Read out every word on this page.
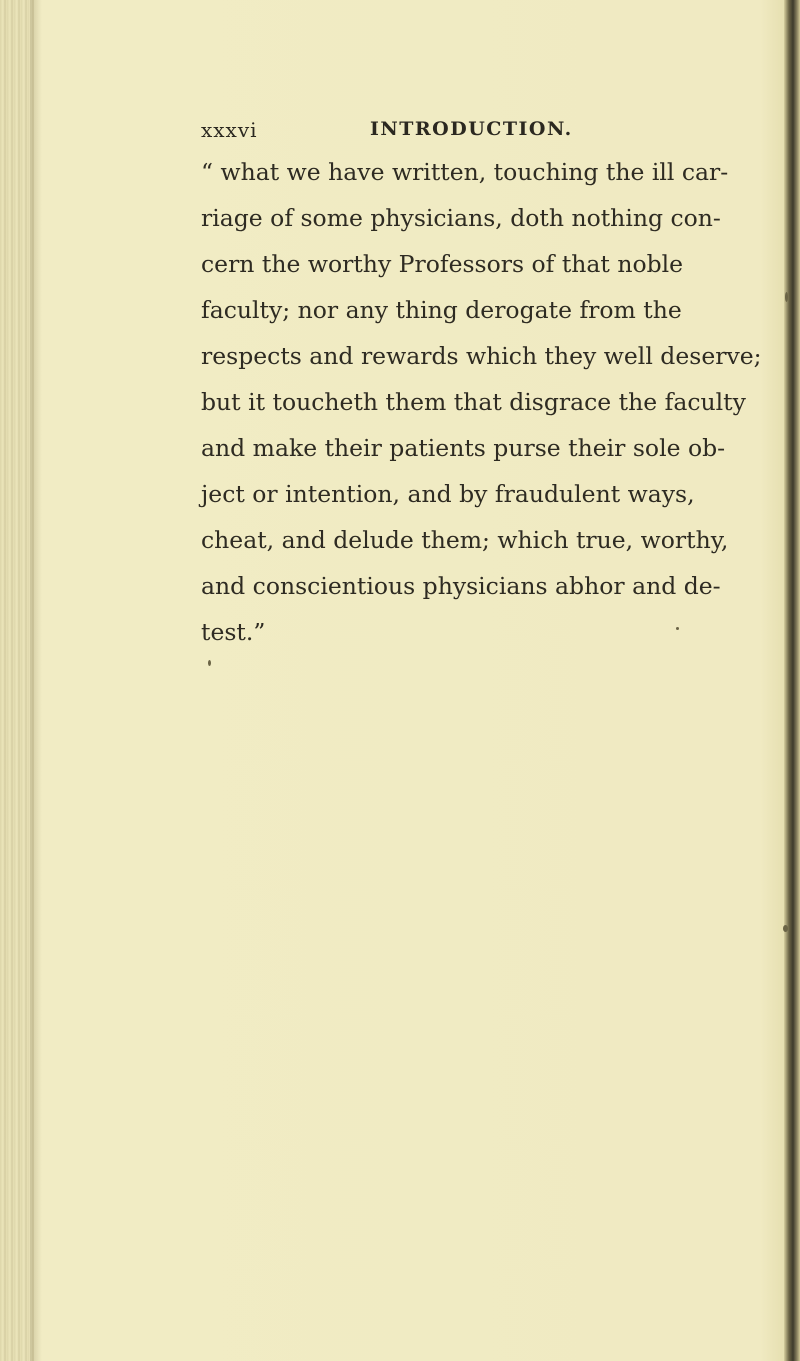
xxxvi	INTRODUCTION.
“ what we have written, touching the ill car-
riage of some physicians, doth nothing con-
cern the worthy Professors of that noble
faculty; nor any thing derogate from the
respects and rewards which they well deserve;
but it toucheth them that disgrace the faculty
and make their patients purse their sole ob-
ject or intention, and by fraudulent ways,
cheat, and delude them; which true, worthy,
and conscientious physicians abhor and de-
test.”
